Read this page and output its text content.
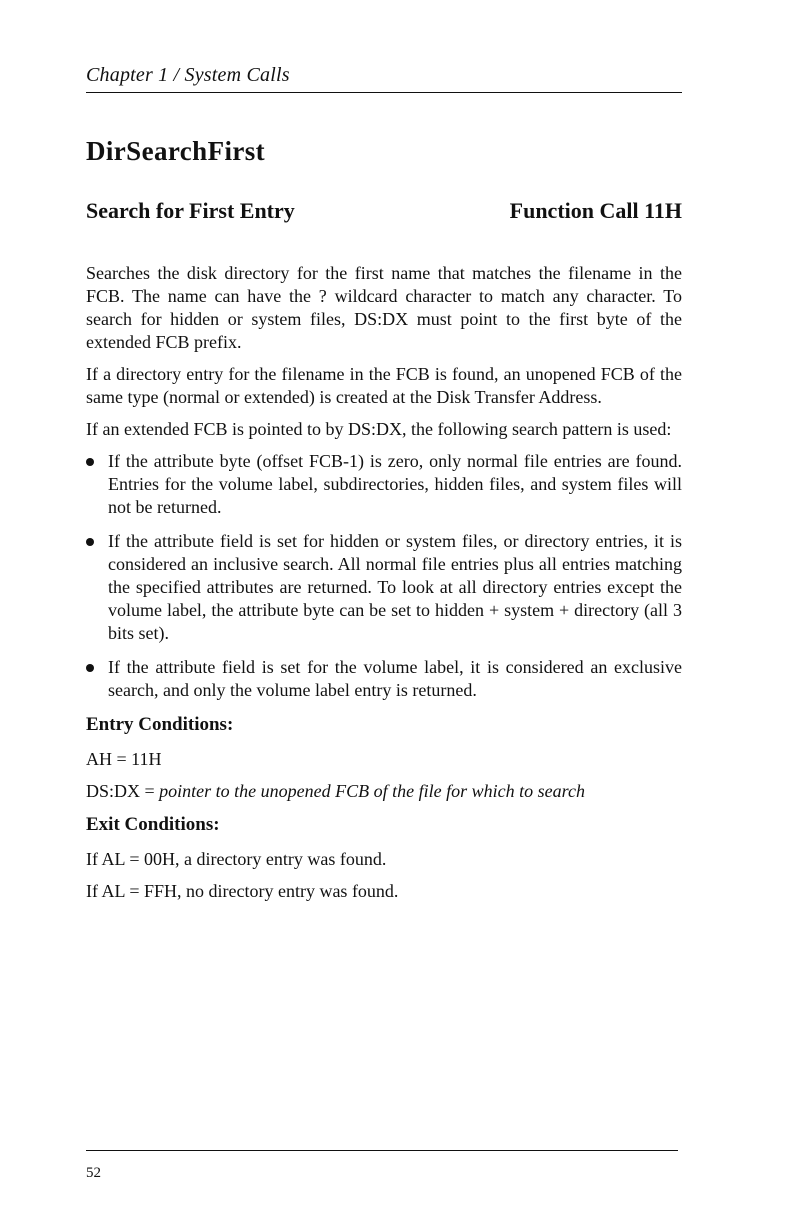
Chapter 1 / System Calls
DirSearchFirst
Search for First Entry	Function Call 11H

Searches the disk directory for the first name that matches the filename in the FCB. The name can have the ? wildcard character to match any character. To search for hidden or system files, DS:DX must point to the first byte of the extended FCB prefix.

If a directory entry for the filename in the FCB is found, an unopened FCB of the same type (normal or extended) is created at the Disk Transfer Address.

If an extended FCB is pointed to by DS:DX, the following search pattern is used:

If the attribute byte (offset FCB-1) is zero, only normal file entries are found. Entries for the volume label, subdirectories, hidden files, and system files will not be returned.
If the attribute field is set for hidden or system files, or directory entries, it is considered an inclusive search. All normal file entries plus all entries matching the specified attributes are returned. To look at all directory entries except the volume label, the attribute byte can be set to hidden + system + directory (all 3 bits set).
If the attribute field is set for the volume label, it is considered an exclusive search, and only the volume label entry is returned.
Entry Conditions:

AH = 11H

DS:DX = pointer to the unopened FCB of the file for which to search

Exit Conditions:

If AL = 00H, a directory entry was found.

If AL = FFH, no directory entry was found.

52
